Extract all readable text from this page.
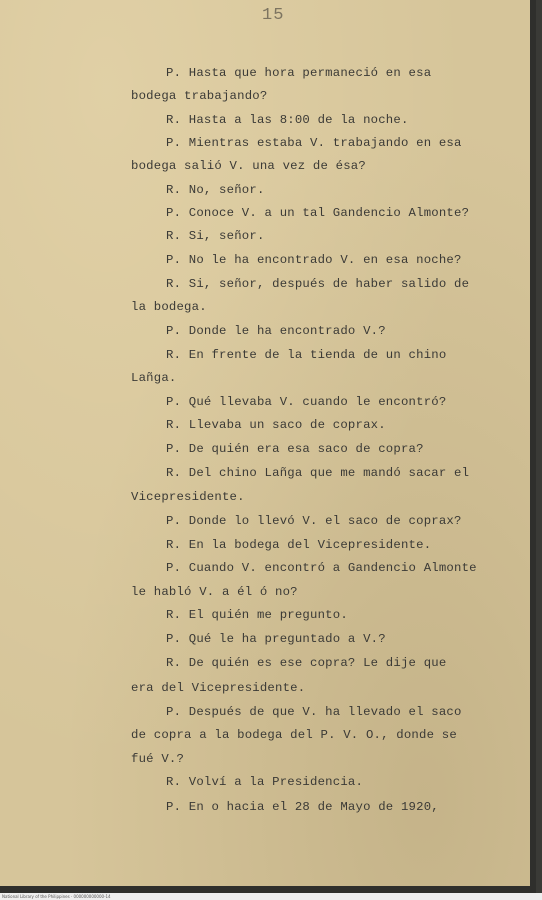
15
P. Hasta que hora permaneció en esa
bodega trabajando?
R. Hasta a las 8:00 de la noche.
P. Mientras estaba V. trabajando en esa
bodega salió V. una vez de ésa?
R. No, señor.
P. Conoce V. a un tal Gandencio Almonte?
R. Si, señor.
P. No le ha encontrado V. en esa noche?
R. Si, señor, después de haber salido de
la bodega.
P. Donde le ha encontrado V.?
R. En frente de la tienda de un chino
Lañga.
P. Qué llevaba V. cuando le encontró?
R. Llevaba un saco de coprax.
P. De quién era esa saco de copra?
R. Del chino Lañga que me mandó sacar el
Vicepresidente.
P. Donde lo llevó V. el saco de coprax?
R. En la bodega del Vicepresidente.
P. Cuando V. encontró a Gandencio Almonte
le habló V. a él ó no?
R. El quién me pregunto.
P. Qué le ha preguntado a V.?
R. De quién es ese copra? Le dije que
era del Vicepresidente.
P. Después de que V. ha llevado el saco
de copra a la bodega del P. V. O., donde se
fué V.?
R. Volví a la Presidencia.
P. En o hacia el 28 de Mayo de 1920,
National Library of the Philippines · 000000000000-14
